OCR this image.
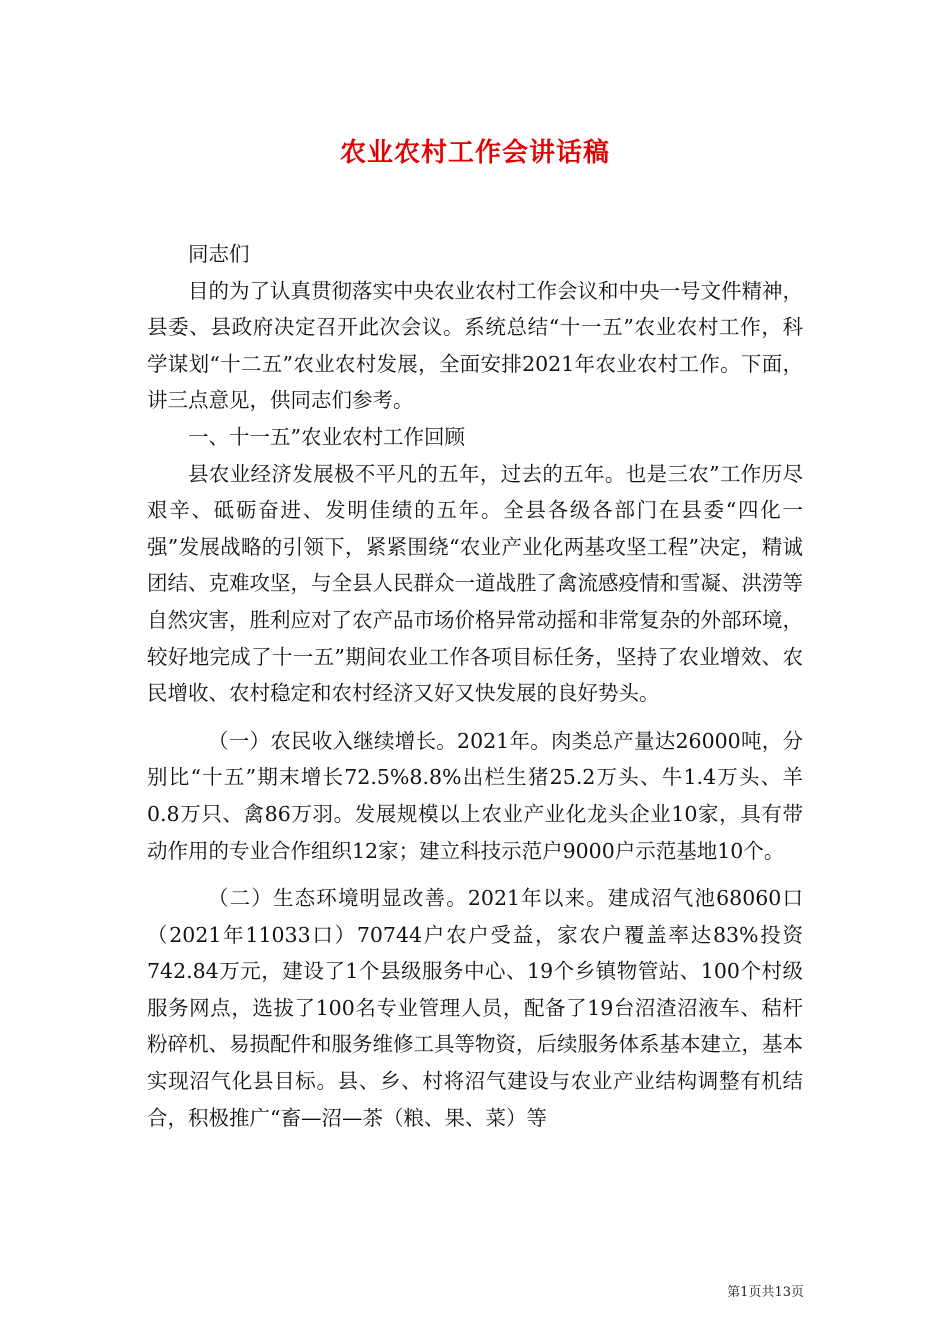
农业农村工作会讲话稿

同志们

目的为了认真贯彻落实中央农业农村工作会议和中央一号文件精神，县委、县政府决定召开此次会议。系统总结“十一五”农业农村工作，科学谋划“十二五”农业农村发展，全面安排2021年农业农村工作。下面，讲三点意见，供同志们参考。

一、十一五”农业农村工作回顾

县农业经济发展极不平凡的五年，过去的五年。也是三农”工作历尽艰辛、砥砺奋进、发明佳绩的五年。全县各级各部门在县委“四化一强”发展战略的引领下，紧紧围绕“农业产业化两基攻坚工程”决定，精诚团结、克难攻坚，与全县人民群众一道战胜了禽流感疫情和雪凝、洪涝等自然灾害，胜利应对了农产品市场价格异常动摇和非常复杂的外部环境，较好地完成了十一五”期间农业工作各项目标任务，坚持了农业增效、农民增收、农村稳定和农村经济又好又快发展的良好势头。

（一）农民收入继续增长。2021年。肉类总产量达26000吨，分别比“十五”期末增长72.5%8.8%出栏生猪25.2万头、牛1.4万头、羊0.8万只、禽86万羽。发展规模以上农业产业化龙头企业10家，具有带动作用的专业合作组织12家；建立科技示范户9000户示范基地10个。

（二）生态环境明显改善。2021年以来。建成沼气池68060口（2021年11033口）70744户农户受益，家农户覆盖率达83%投资742.84万元，建设了1个县级服务中心、19个乡镇物管站、100个村级服务网点，选拔了100名专业管理人员，配备了19台沼渣沼液车、秸杆粉碎机、易损配件和服务维修工具等物资，后续服务体系基本建立，基本实现沼气化县目标。县、乡、村将沼气建设与农业产业结构调整有机结合，积极推广“畜—沼—茶（粮、果、菜）等

第1页共13页
